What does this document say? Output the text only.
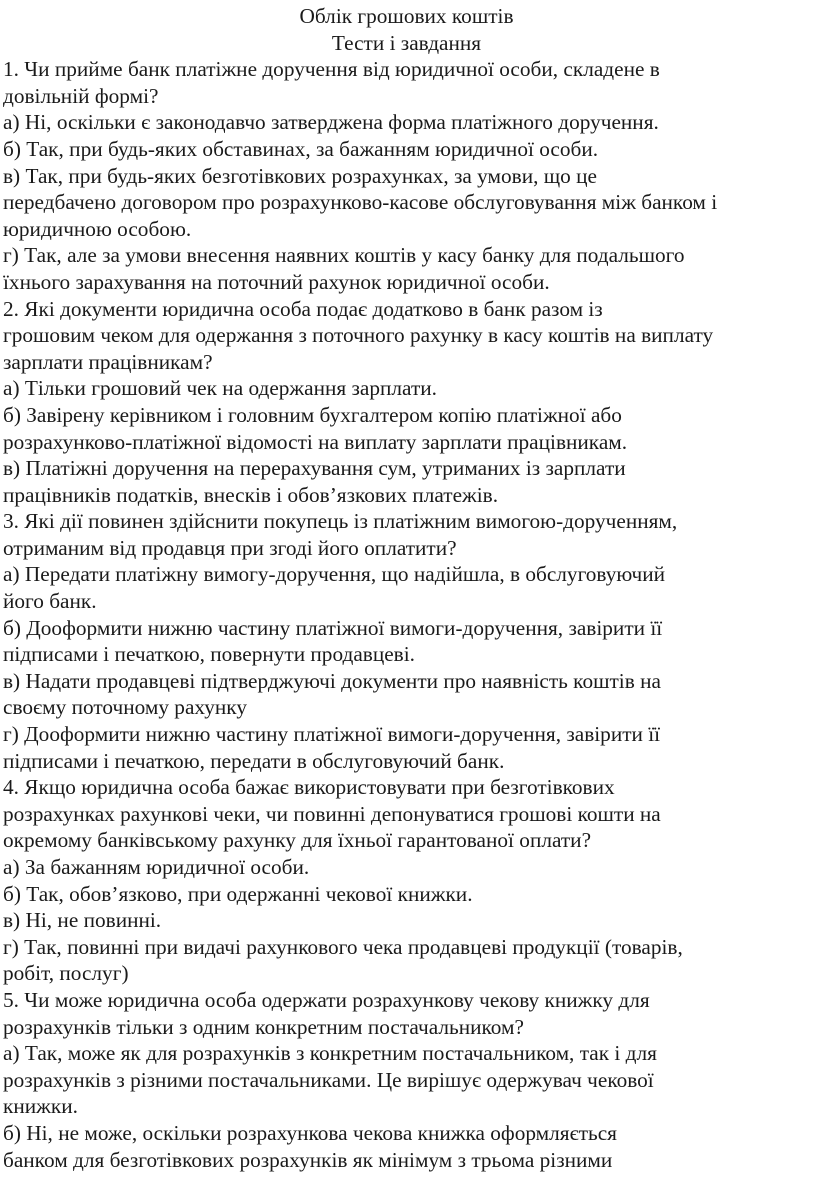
Облік грошових коштів

Тести і завдання

1. Чи прийме банк платіжне доручення від юридичної особи, складене в

довільній формі?

а) Ні, оскільки є законодавчо затверджена форма платіжного доручення.

б) Так, при будь-яких обставинах, за бажанням юридичної особи.

в) Так, при будь-яких безготівкових розрахунках, за умови, що це

передбачено договором про розрахунково-касове обслуговування між банком і

юридичною особою.

г) Так, але за умови внесення наявних коштів у касу банку для подальшого

їхнього зарахування на поточний рахунок юридичної особи.

2. Які документи юридична особа подає додатково в банк разом із

грошовим чеком для одержання з поточного рахунку в касу коштів на виплату

зарплати працівникам?

а) Тільки грошовий чек на одержання зарплати.

б) Завірену керівником і головним бухгалтером копію платіжної або

розрахунково-платіжної відомості на виплату зарплати працівникам.

в) Платіжні доручення на перерахування сум, утриманих із зарплати

працівників податків, внесків і обов’язкових платежів.

3. Які дії повинен здійснити покупець із платіжним вимогою-дорученням,

отриманим від продавця при згоді його оплатити?

а) Передати платіжну вимогу-доручення, що надійшла, в обслуговуючий

його банк.

б) Дооформити нижню частину платіжної вимоги-доручення, завірити її

підписами і печаткою, повернути продавцеві.

в) Надати продавцеві підтверджуючі документи про наявність коштів на

своєму поточному рахунку

г) Дооформити нижню частину платіжної вимоги-доручення, завірити її

підписами і печаткою, передати в обслуговуючий банк.

4. Якщо юридична особа бажає використовувати при безготівкових

розрахунках рахункові чеки, чи повинні депонуватися грошові кошти на

окремому банківському рахунку для їхньої гарантованої оплати?

а) За бажанням юридичної особи.

б) Так, обов’язково, при одержанні чекової книжки.

в) Ні, не повинні.

г) Так, повинні при видачі рахункового чека продавцеві продукції (товарів,

робіт, послуг)

5. Чи може юридична особа одержати розрахункову чекову книжку для

розрахунків тільки з одним конкретним постачальником?

а) Так, може як для розрахунків з конкретним постачальником, так і для

розрахунків з різними постачальниками. Це вирішує одержувач чекової

книжки.

б) Ні, не може, оскільки розрахункова чекова книжка оформляється

банком для безготівкових розрахунків як мінімум з трьома різними
